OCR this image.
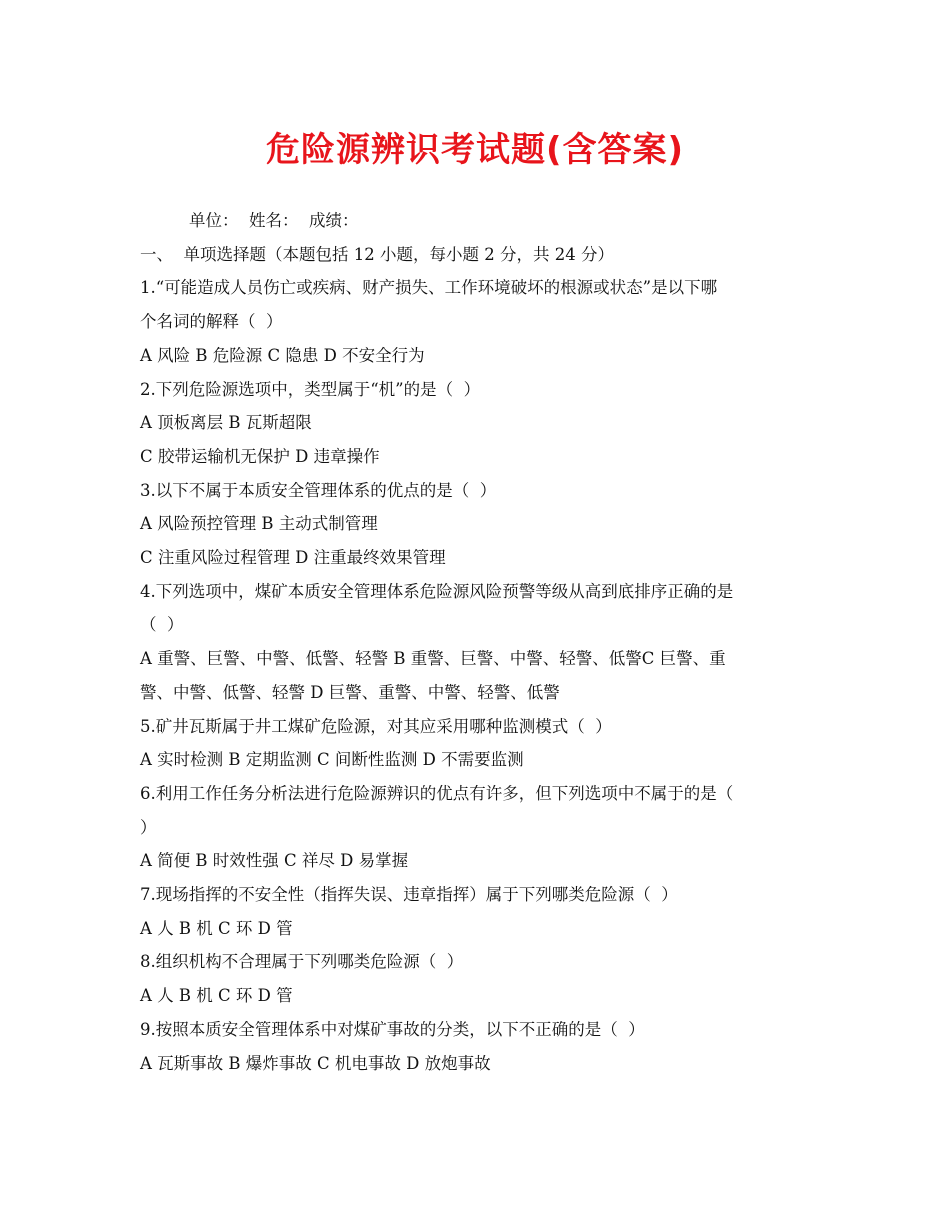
危险源辨识考试题(含答案)
单位：  姓名：  成绩：
一、  单项选择题（本题包括 12 小题，每小题 2 分，共 24 分）
1.“可能造成人员伤亡或疾病、财产损失、工作环境破坏的根源或状态”是以下哪
个名词的解释（  ）
A 风险 B 危险源 C 隐患 D 不安全行为
2.下列危险源选项中，类型属于“机”的是（  ）
A 顶板离层 B 瓦斯超限
C 胶带运输机无保护 D 违章操作
3.以下不属于本质安全管理体系的优点的是（  ）
A 风险预控管理 B 主动式制管理
C 注重风险过程管理 D 注重最终效果管理
4.下列选项中，煤矿本质安全管理体系危险源风险预警等级从高到底排序正确的是
（  ）
A 重警、巨警、中警、低警、轻警 B 重警、巨警、中警、轻警、低警C 巨警、重
警、中警、低警、轻警 D 巨警、重警、中警、轻警、低警
5.矿井瓦斯属于井工煤矿危险源，对其应采用哪种监测模式（  ）
A 实时检测 B 定期监测 C 间断性监测 D 不需要监测
6.利用工作任务分析法进行危险源辨识的优点有许多，但下列选项中不属于的是（
）
A 简便 B 时效性强 C 祥尽 D 易掌握
7.现场指挥的不安全性（指挥失误、违章指挥）属于下列哪类危险源（  ）
A 人 B 机 C 环 D 管
8.组织机构不合理属于下列哪类危险源（  ）
A 人 B 机 C 环 D 管
9.按照本质安全管理体系中对煤矿事故的分类，以下不正确的是（  ）
A 瓦斯事故 B 爆炸事故 C 机电事故 D 放炮事故
